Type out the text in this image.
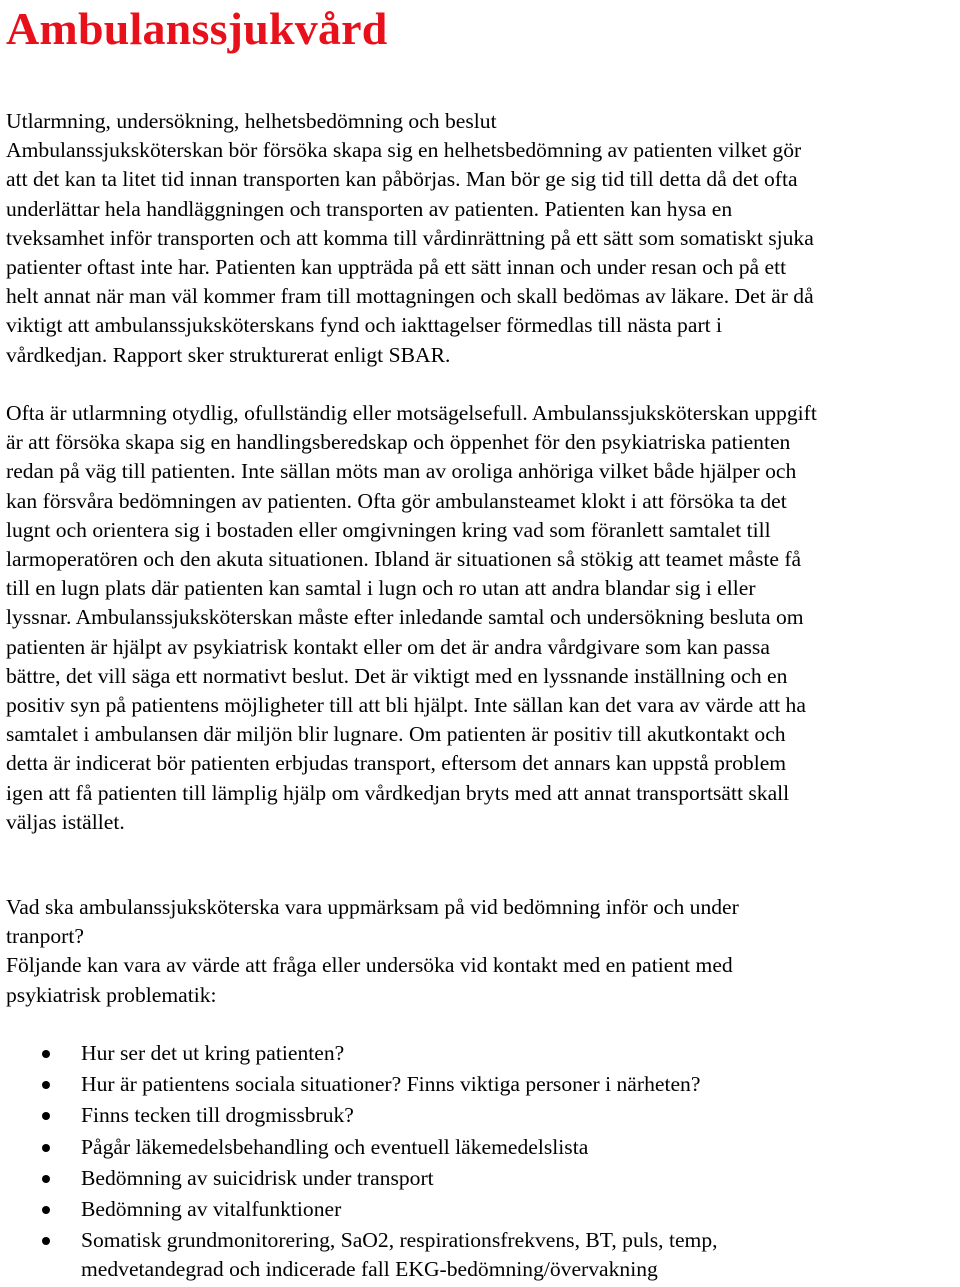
Ambulanssjukvård

Utlarmning, undersökning, helhetsbedömning och beslut
Ambulanssjuksköterskan bör försöka skapa sig en helhetsbedömning av patienten vilket gör
att det kan ta litet tid innan transporten kan påbörjas. Man bör ge sig tid till detta då det ofta
underlättar hela handläggningen och transporten av patienten. Patienten kan hysa en
tveksamhet inför transporten och att komma till vårdinrättning på ett sätt som somatiskt sjuka
patienter oftast inte har. Patienten kan uppträda på ett sätt innan och under resan och på ett
helt annat när man väl kommer fram till mottagningen och skall bedömas av läkare. Det är då
viktigt att ambulanssjuksköterskans fynd och iakttagelser förmedlas till nästa part i
vårdkedjan. Rapport sker strukturerat enligt SBAR.

Ofta är utlarmning otydlig, ofullständig eller motsägelsefull. Ambulanssjuksköterskan uppgift
är att försöka skapa sig en handlingsberedskap och öppenhet för den psykiatriska patienten
redan på väg till patienten. Inte sällan möts man av oroliga anhöriga vilket både hjälper och
kan försvåra bedömningen av patienten. Ofta gör ambulansteamet klokt i att försöka ta det
lugnt och orientera sig i bostaden eller omgivningen kring vad som föranlett samtalet till
larmoperatören och den akuta situationen. Ibland är situationen så stökig att teamet måste få
till en lugn plats där patienten kan samtal i lugn och ro utan att andra blandar sig i eller
lyssnar. Ambulanssjuksköterskan måste efter inledande samtal och undersökning besluta om
patienten är hjälpt av psykiatrisk kontakt eller om det är andra vårdgivare som kan passa
bättre, det vill säga ett normativt beslut. Det är viktigt med en lyssnande inställning och en
positiv syn på patientens möjligheter till att bli hjälpt. Inte sällan kan det vara av värde att ha
samtalet i ambulansen där miljön blir lugnare. Om patienten är positiv till akutkontakt och
detta är indicerat bör patienten erbjudas transport, eftersom det annars kan uppstå problem
igen att få patienten till lämplig hjälp om vårdkedjan bryts med att annat transportsätt skall
väljas istället.

Vad ska ambulanssjuksköterska vara uppmärksam på vid bedömning inför och under
tranport?
Följande kan vara av värde att fråga eller undersöka vid kontakt med en patient med
psykiatrisk problematik:

Hur ser det ut kring patienten?
Hur är patientens sociala situationer? Finns viktiga personer i närheten?
Finns tecken till drogmissbruk?
Pågår läkemedelsbehandling och eventuell läkemedelslista
Bedömning av suicidrisk under transport
Bedömning av vitalfunktioner
Somatisk grundmonitorering, SaO2, respirationsfrekvens, BT, puls, temp,
medvetandegrad och indicerade fall EKG-bedömning/övervakning
